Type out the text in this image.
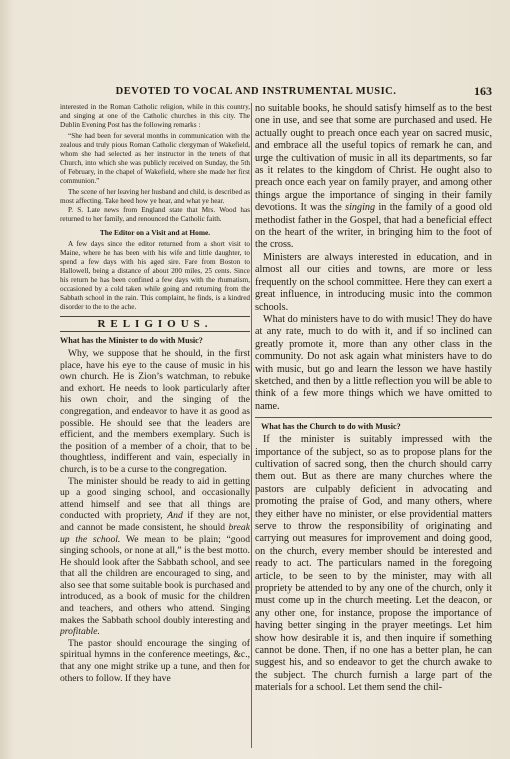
DEVOTED TO VOCAL AND INSTRUMENTAL MUSIC.	163

interested in the Roman Catholic religion, while in this country, and singing at one of the Catholic churches in this city. The Dublin Evening Post has the following remarks :

“She had been for several months in communication with the zealous and truly pious Roman Catholic clergyman of Wakefield, whom she had selected as her instructor in the tenets of that Church, into which she was publicly received on Sunday, the 5th of February, in the chapel of Wakefield, where she made her first communion.”

The scene of her leaving her husband and child, is described as most affecting. Take heed how ye hear, and what ye hear.

P. S. Late news from England state that Mrs. Wood has returned to her family, and renounced the Catholic faith.

The Editor on a Visit and at Home.

A few days since the editor returned from a short visit to Maine, where he has been with his wife and little daughter, to spend a few days with his aged sire. Fare from Boston to Hallowell, being a distance of about 200 miles, 25 cents. Since his return he has been confined a few days with the rhumatism, occasioned by a cold taken while going and returning from the Sabbath school in the rain. This complaint, he finds, is a kindred disorder to the to the ache.

RELIGIOUS.
What has the Minister to do with Music?

Why, we suppose that he should, in the first place, have his eye to the cause of music in his own church. He is Zion’s watchman, to rebuke and exhort. He needs to look particularly after his own choir, and the singing of the congregation, and endeavor to have it as good as possible. He should see that the leaders are efficient, and the members exemplary. Such is the position of a member of a choir, that to be thoughtless, indifferent and vain, especially in church, is to be a curse to the congregation.

The minister should be ready to aid in getting up a good singing school, and occasionally attend himself and see that all things are conducted with propriety, And if they are not, and cannot be made consistent, he should break up the school. We mean to be plain; “good singing schools, or none at all,” is the best motto. He should look after the Sabbath school, and see that all the children are encouraged to sing, and also see that some suitable book is purchased and introduced, as a book of music for the children and teachers, and others who attend. Singing makes the Sabbath school doubly interesting and profitable.

The pastor should encourage the singing of spiritual hymns in the conference meetings, &c., that any one might strike up a tune, and then for others to follow. If they have

no suitable books, he should satisfy himself as to the best one in use, and see that some are purchased and used. He actually ought to preach once each year on sacred music, and embrace all the useful topics of remark he can, and urge the cultivation of music in all its departments, so far as it relates to the kingdom of Christ. He ought also to preach once each year on family prayer, and among other things argue the importance of singing in their family devotions. It was the singing in the family of a good old methodist father in the Gospel, that had a beneficial effect on the heart of the writer, in bringing him to the foot of the cross.

Ministers are always interested in education, and in almost all our cities and towns, are more or less frequently on the school committee. Here they can exert a great influence, in introducing music into the common schools.

What do ministers have to do with music! They do have at any rate, much to do with it, and if so inclined can greatly promote it, more than any other class in the community. Do not ask again what ministers have to do with music, but go and learn the lesson we have hastily sketched, and then by a little reflection you will be able to think of a few more things which we have omitted to name.

What has the Church to do with Music?

If the minister is suitably impressed with the importance of the subject, so as to propose plans for the cultivation of sacred song, then the church should carry them out. But as there are many churches where the pastors are culpably deficient in advocating and promoting the praise of God, and many others, where they either have no minister, or else providential matters serve to throw the responsibility of originating and carrying out measures for improvement and doing good, on the church, every member should be interested and ready to act. The particulars named in the foregoing article, to be seen to by the minister, may with all propriety be attended to by any one of the church, only it must come up in the church meeting. Let the deacon, or any other one, for instance, propose the importance of having better singing in the prayer meetings. Let him show how desirable it is, and then inquire if something cannot be done. Then, if no one has a better plan, he can suggest his, and so endeavor to get the church awake to the subject. The church furnish a large part of the materials for a school. Let them send the chil-
